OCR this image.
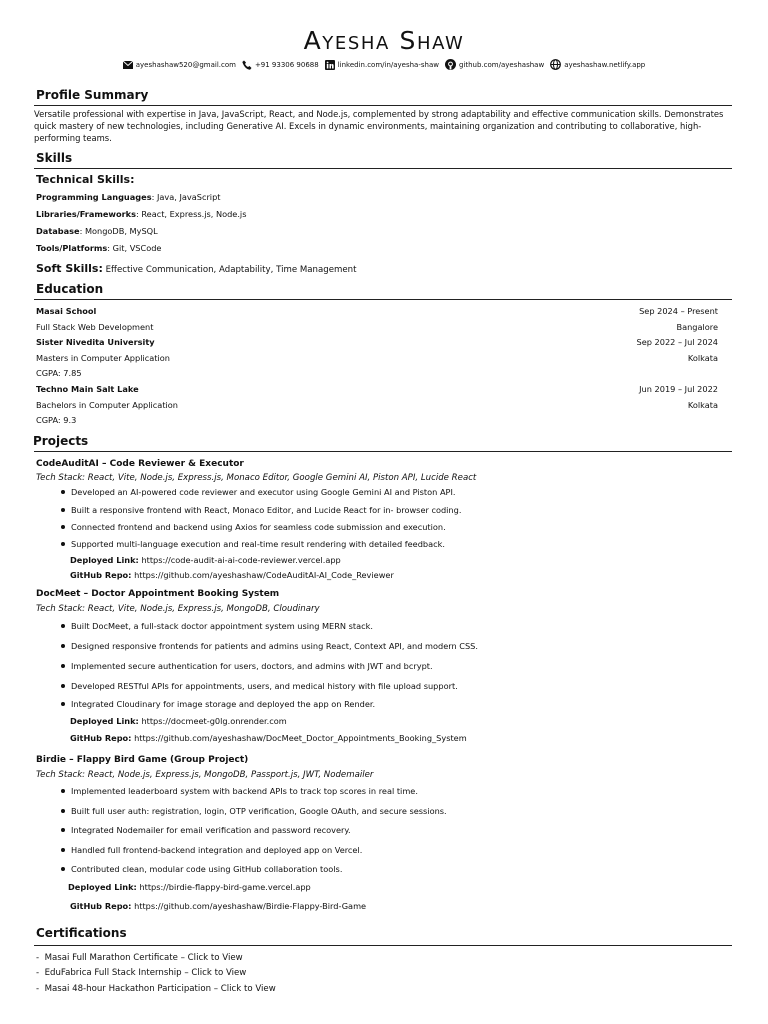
Ayesha Shaw
ayeshashaw520@gmail.com	+91 93306 90688	linkedin.com/in/ayesha-shaw	github.com/ayeshashaw	ayeshashaw.netlify.app
Profile Summary
Versatile professional with expertise in Java, JavaScript, React, and Node.js, complemented by strong adaptability and effective communication skills. Demonstrates quick mastery of new technologies, including Generative AI. Excels in dynamic environments, maintaining organization and contributing to collaborative, high-performing teams.
Skills
Technical Skills:
Programming Languages: Java, JavaScript
Libraries/Frameworks: React, Express.js, Node.js
Database: MongoDB, MySQL
Tools/Platforms: Git, VSCode
Soft Skills: Effective Communication, Adaptability, Time Management
Education
Masai School	Sep 2024 – Present
Full Stack Web Development	Bangalore
Sister Nivedita University	Sep 2022 – Jul 2024
Masters in Computer Application	Kolkata
CGPA: 7.85
Techno Main Salt Lake	Jun 2019 – Jul 2022
Bachelors in Computer Application	Kolkata
CGPA: 9.3
Projects
CodeAuditAI – Code Reviewer & Executor
Tech Stack: React, Vite, Node.js, Express.js, Monaco Editor, Google Gemini AI, Piston API, Lucide React
Developed an AI-powered code reviewer and executor using Google Gemini AI and Piston API.
Built a responsive frontend with React, Monaco Editor, and Lucide React for in- browser coding.
Connected frontend and backend using Axios for seamless code submission and execution.
Supported multi-language execution and real-time result rendering with detailed feedback.
Deployed Link: https://code-audit-ai-ai-code-reviewer.vercel.app
GitHub Repo: https://github.com/ayeshashaw/CodeAuditAI-AI_Code_Reviewer
DocMeet – Doctor Appointment Booking System
Tech Stack: React, Vite, Node.js, Express.js, MongoDB, Cloudinary
Built DocMeet, a full-stack doctor appointment system using MERN stack.
Designed responsive frontends for patients and admins using React, Context API, and modern CSS.
Implemented secure authentication for users, doctors, and admins with JWT and bcrypt.
Developed RESTful APIs for appointments, users, and medical history with file upload support.
Integrated Cloudinary for image storage and deployed the app on Render.
Deployed Link: https://docmeet-g0lg.onrender.com
GitHub Repo: https://github.com/ayeshashaw/DocMeet_Doctor_Appointments_Booking_System
Birdie – Flappy Bird Game (Group Project)
Tech Stack: React, Node.js, Express.js, MongoDB, Passport.js, JWT, Nodemailer
Implemented leaderboard system with backend APIs to track top scores in real time.
Built full user auth: registration, login, OTP verification, Google OAuth, and secure sessions.
Integrated Nodemailer for email verification and password recovery.
Handled full frontend-backend integration and deployed app on Vercel.
Contributed clean, modular code using GitHub collaboration tools.
Deployed Link: https://birdie-flappy-bird-game.vercel.app
GitHub Repo: https://github.com/ayeshashaw/Birdie-Flappy-Bird-Game
Certifications
-  Masai Full Marathon Certificate – Click to View
-  EduFabrica Full Stack Internship – Click to View
-  Masai 48-hour Hackathon Participation – Click to View
